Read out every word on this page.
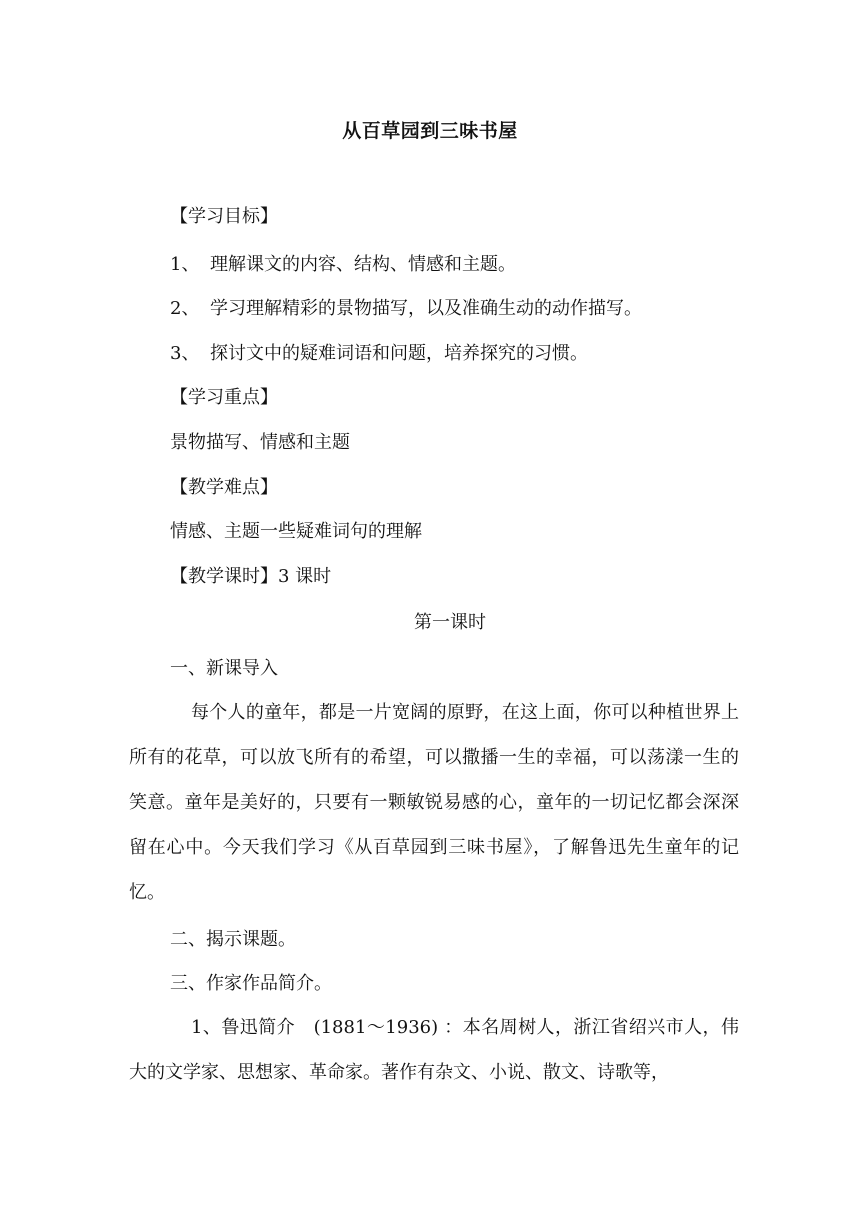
从百草园到三味书屋
【学习目标】
1、 理解课文的内容、结构、情感和主题。
2、 学习理解精彩的景物描写，以及准确生动的动作描写。
3、 探讨文中的疑难词语和问题，培养探究的习惯。
【学习重点】
景物描写、情感和主题
【教学难点】
情感、主题一些疑难词句的理解
【教学课时】3 课时
第一课时
一、新课导入
每个人的童年，都是一片宽阔的原野，在这上面，你可以种植世界上所有的花草，可以放飞所有的希望，可以撒播一生的幸福，可以荡漾一生的笑意。童年是美好的，只要有一颗敏锐易感的心，童年的一切记忆都会深深留在心中。今天我们学习《从百草园到三味书屋》，了解鲁迅先生童年的记忆。
二、揭示课题。
三、作家作品简介。
1、鲁迅简介　(1881～1936) ：本名周树人，浙江省绍兴市人，伟大的文学家、思想家、革命家。著作有杂文、小说、散文、诗歌等，
